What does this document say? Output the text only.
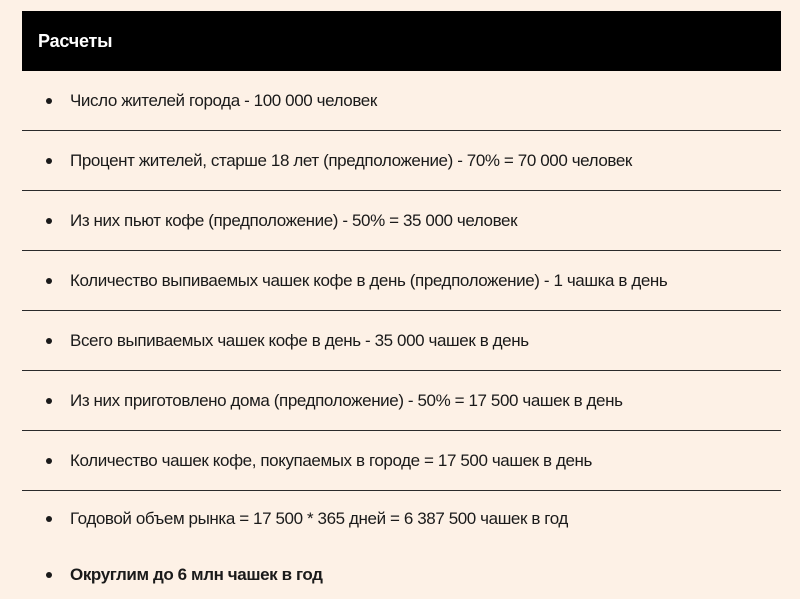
Расчеты
Число жителей города - 100 000 человек
Процент жителей, старше 18 лет (предположение) - 70% = 70 000 человек
Из них пьют кофе (предположение) - 50% = 35 000 человек
Количество выпиваемых чашек кофе в день (предположение) - 1 чашка в день
Всего выпиваемых чашек кофе в день - 35 000 чашек в день
Из них приготовлено дома (предположение) - 50% = 17 500 чашек в день
Количество чашек кофе, покупаемых в городе = 17 500 чашек в день
Годовой объем рынка = 17 500 * 365 дней = 6 387 500 чашек в год
Округлим до 6 млн чашек в год
